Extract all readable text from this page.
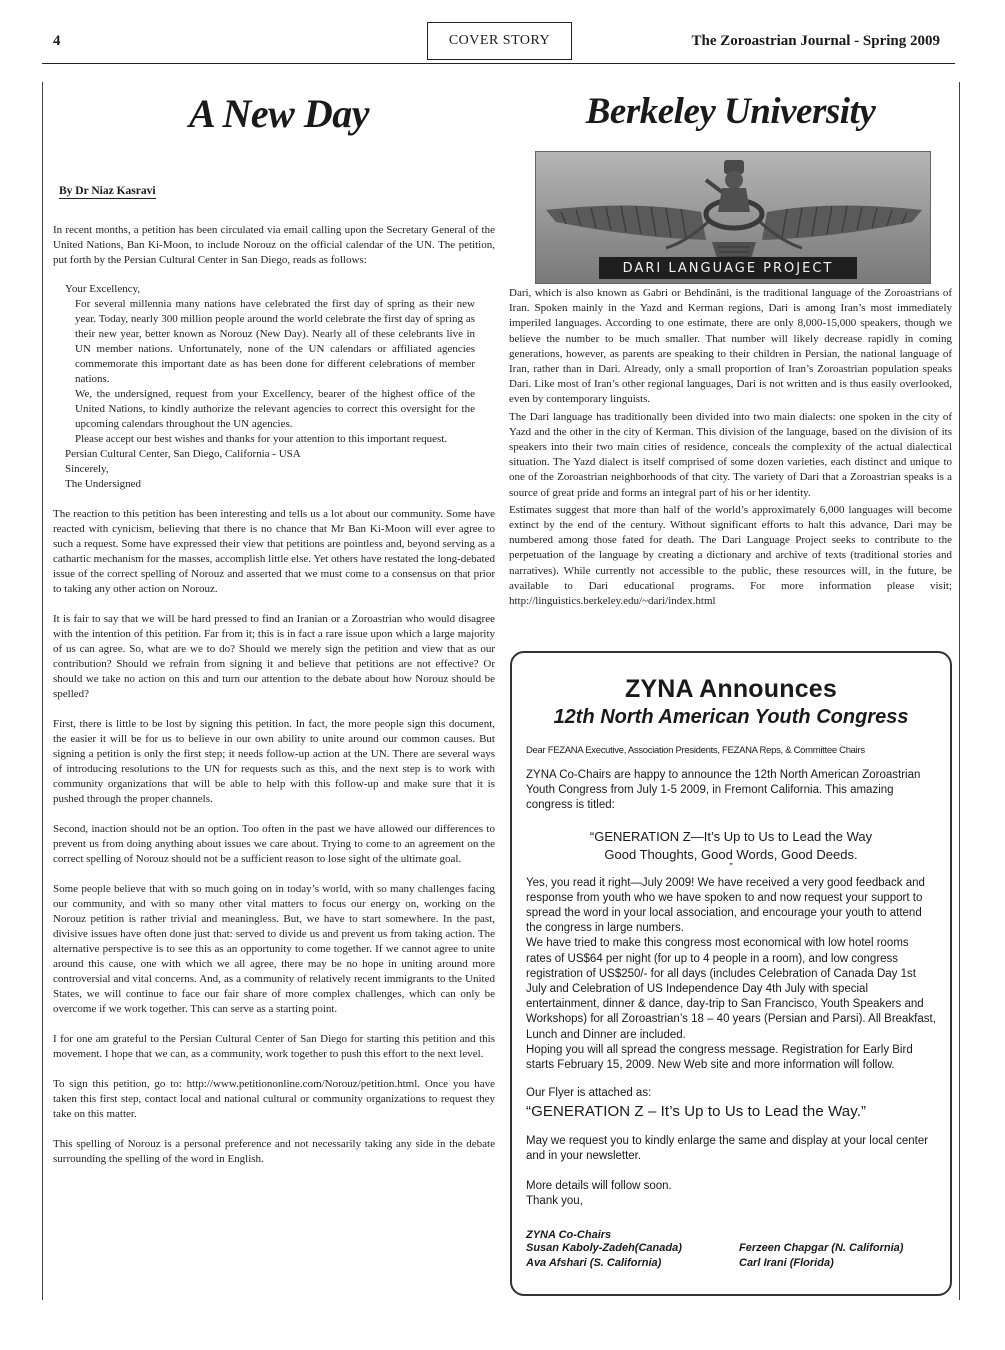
4	COVER STORY	The Zoroastrian Journal - Spring 2009
A New Day
By Dr Niaz Kasravi
In recent months, a petition has been circulated via email calling upon the Secretary General of the United Nations, Ban Ki-Moon, to include Norouz on the official calendar of the UN. The petition, put forth by the Persian Cultural Center in San Diego, reads as follows:
Your Excellency,
For several millennia many nations have celebrated the first day of spring as their new year. Today, nearly 300 million people around the world celebrate the first day of spring as their new year, better known as Norouz (New Day). Nearly all of these celebrants live in UN member nations. Unfortunately, none of the UN calendars or affiliated agencies commemorate this important date as has been done for different celebrations of member nations.
We, the undersigned, request from your Excellency, bearer of the highest office of the United Nations, to kindly authorize the relevant agencies to correct this oversight for the upcoming calendars throughout the UN agencies.
Please accept our best wishes and thanks for your attention to this important request.
Persian Cultural Center, San Diego, California - USA
Sincerely,
The Undersigned
The reaction to this petition has been interesting and tells us a lot about our community. Some have reacted with cynicism, believing that there is no chance that Mr Ban Ki-Moon will ever agree to such a request. Some have expressed their view that petitions are pointless and, beyond serving as a cathartic mechanism for the masses, accomplish little else. Yet others have restated the long-debated issue of the correct spelling of Norouz and asserted that we must come to a consensus on that prior to taking any other action on Norouz.
It is fair to say that we will be hard pressed to find an Iranian or a Zoroastrian who would disagree with the intention of this petition. Far from it; this is in fact a rare issue upon which a large majority of us can agree. So, what are we to do? Should we merely sign the petition and view that as our contribution? Should we refrain from signing it and believe that petitions are not effective? Or should we take no action on this and turn our attention to the debate about how Norouz should be spelled?
First, there is little to be lost by signing this petition. In fact, the more people sign this document, the easier it will be for us to believe in our own ability to unite around our common causes. But signing a petition is only the first step; it needs follow-up action at the UN. There are several ways of introducing resolutions to the UN for requests such as this, and the next step is to work with community organizations that will be able to help with this follow-up and make sure that it is pushed through the proper channels.
Second, inaction should not be an option. Too often in the past we have allowed our differences to prevent us from doing anything about issues we care about. Trying to come to an agreement on the correct spelling of Norouz should not be a sufficient reason to lose sight of the ultimate goal.
Some people believe that with so much going on in today’s world, with so many challenges facing our community, and with so many other vital matters to focus our energy on, working on the Norouz petition is rather trivial and meaningless. But, we have to start somewhere. In the past, divisive issues have often done just that: served to divide us and prevent us from taking action. The alternative perspective is to see this as an opportunity to come together. If we cannot agree to unite around this cause, one with which we all agree, there may be no hope in uniting around more controversial and vital concerns. And, as a community of relatively recent immigrants to the United States, we will continue to face our fair share of more complex challenges, which can only be overcome if we work together. This can serve as a starting point.
I for one am grateful to the Persian Cultural Center of San Diego for starting this petition and this movement. I hope that we can, as a community, work together to push this effort to the next level.
To sign this petition, go to: http://www.petitiononline.com/Norouz/petition.html. Once you have taken this first step, contact local and national cultural or community organizations to request they take on this matter.
This spelling of Norouz is a personal preference and not necessarily taking any side in the debate surrounding the spelling of the word in English.
Berkeley University
DARI LANGUAGE PROJECT
Dari, which is also known as Gabri or Behdînâni, is the traditional language of the Zoroastrians of Iran. Spoken mainly in the Yazd and Kerman regions, Dari is among Iran’s most immediately imperiled languages. According to one estimate, there are only 8,000-15,000 speakers, though we believe the number to be much smaller. That number will likely decrease rapidly in coming generations, however, as parents are speaking to their children in Persian, the national language of Iran, rather than in Dari. Already, only a small proportion of Iran’s Zoroastrian population speaks Dari. Like most of Iran’s other regional languages, Dari is not written and is thus easily overlooked, even by contemporary linguists.
The Dari language has traditionally been divided into two main dialects: one spoken in the city of Yazd and the other in the city of Kerman. This division of the language, based on the division of its speakers into their two main cities of residence, conceals the complexity of the actual dialectical situation. The Yazd dialect is itself comprised of some dozen varieties, each distinct and unique to one of the Zoroastrian neighborhoods of that city. The variety of Dari that a Zoroastrian speaks is a source of great pride and forms an integral part of his or her identity.
Estimates suggest that more than half of the world’s approximately 6,000 languages will become extinct by the end of the century. Without significant efforts to halt this advance, Dari may be numbered among those fated for death. The Dari Language Project seeks to contribute to the perpetuation of the language by creating a dictionary and archive of texts (traditional stories and narratives). While currently not accessible to the public, these resources will, in the future, be available to Dari educational programs. For more information please visit; http://linguistics.berkeley.edu/~dari/index.html
ZYNA Announces
12th North American Youth Congress
Dear FEZANA Executive, Association Presidents, FEZANA Reps, & Committee Chairs
ZYNA Co-Chairs are happy to announce the 12th North American Zoroastrian Youth Congress from July 1-5 2009, in Fremont California. This amazing congress is titled:
“GENERATION Z—It’s Up to Us to Lead the Way
Good Thoughts, Good Words, Good Deeds.
”
Yes, you read it right—July 2009! We have received a very good feedback and response from youth who we have spoken to and now request your support to spread the word in your local association, and encourage your youth to attend the congress in large numbers.
We have tried to make this congress most economical with low hotel rooms rates of US$64 per night (for up to 4 people in a room), and low congress registration of US$250/- for all days (includes Celebration of Canada Day 1st July and Celebration of US Independence Day 4th July with special entertainment, dinner & dance, day-trip to San Francisco, Youth Speakers and Workshops) for all Zoroastrian’s 18 – 40 years (Persian and Parsi). All Breakfast, Lunch and Dinner are included.
Hoping you will all spread the congress message. Registration for Early Bird starts February 15, 2009. New Web site and more information will follow.
Our Flyer is attached as:
“GENERATION Z – It’s Up to Us to Lead the Way.”
May we request you to kindly enlarge the same and display at your local center and in your newsletter.
More details will follow soon.
Thank you,
ZYNA Co-Chairs
Susan Kaboly-Zadeh(Canada)	Ferzeen Chapgar (N. California)
Ava Afshari (S. California)	Carl Irani (Florida)
